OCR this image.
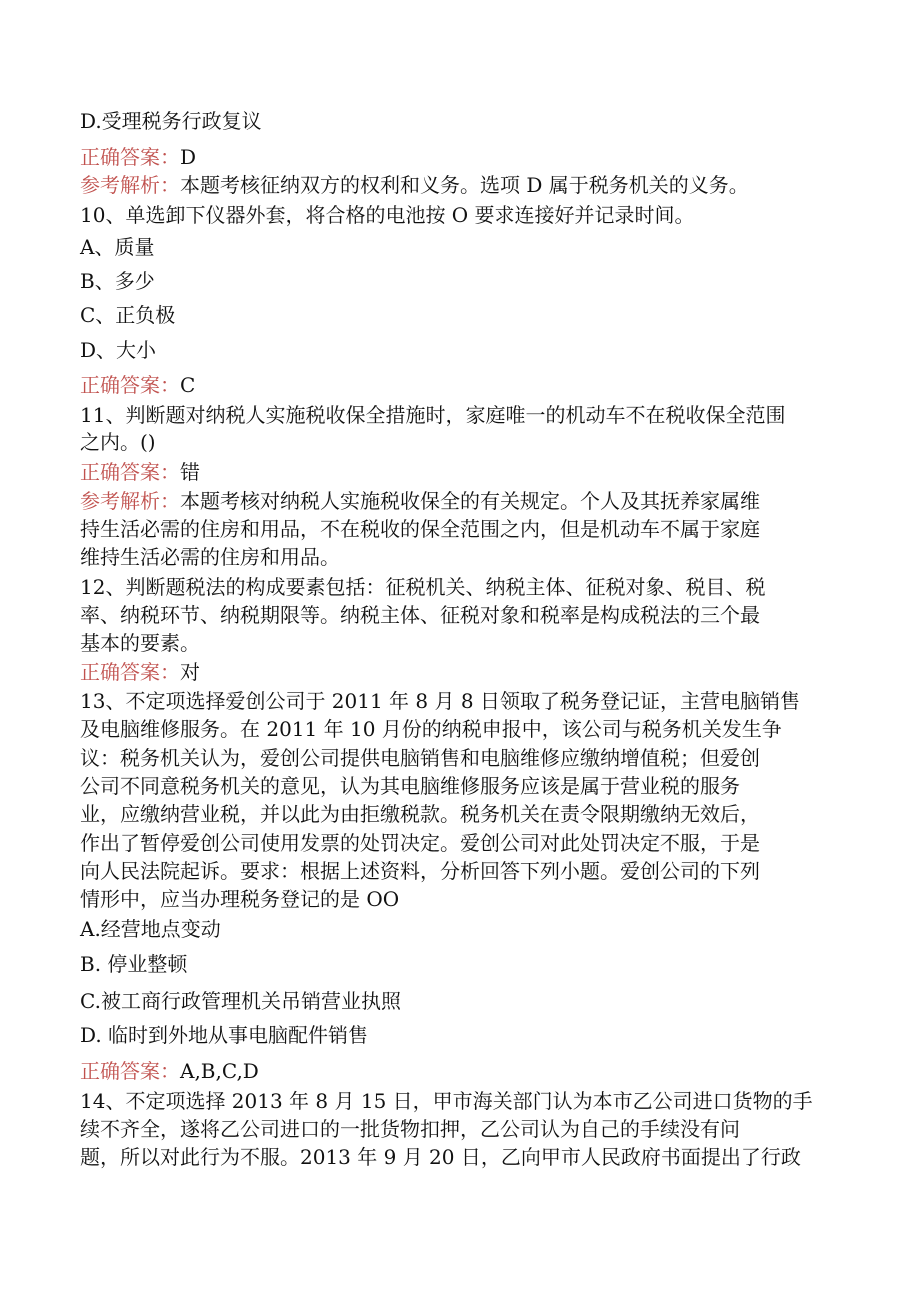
D.受理税务行政复议
正确答案：D
参考解析：本题考核征纳双方的权利和义务。选项 D 属于税务机关的义务。
10、单选卸下仪器外套，将合格的电池按 O 要求连接好并记录时间。
A、质量
B、多少
C、正负极
D、大小
正确答案：C
11、判断题对纳税人实施税收保全措施时，家庭唯一的机动车不在税收保全范围
之内。()
正确答案：错
参考解析：本题考核对纳税人实施税收保全的有关规定。个人及其抚养家属维
持生活必需的住房和用品，不在税收的保全范围之内，但是机动车不属于家庭
维持生活必需的住房和用品。
12、判断题税法的构成要素包括：征税机关、纳税主体、征税对象、税目、税
率、纳税环节、纳税期限等。纳税主体、征税对象和税率是构成税法的三个最
基本的要素。
正确答案：对
13、不定项选择爱创公司于 2011 年 8 月 8 日领取了税务登记证，主营电脑销售
及电脑维修服务。在 2011 年 10 月份的纳税申报中，该公司与税务机关发生争
议：税务机关认为，爱创公司提供电脑销售和电脑维修应缴纳增值税；但爱创
公司不同意税务机关的意见，认为其电脑维修服务应该是属于营业税的服务
业，应缴纳营业税，并以此为由拒缴税款。税务机关在责令限期缴纳无效后，
作出了暂停爱创公司使用发票的处罚决定。爱创公司对此处罚决定不服，于是
向人民法院起诉。要求：根据上述资料，分析回答下列小题。爱创公司的下列
情形中，应当办理税务登记的是 OO
A.经营地点变动
B. 停业整顿
C.被工商行政管理机关吊销营业执照
D. 临时到外地从事电脑配件销售
正确答案：A,B,C,D
14、不定项选择 2013 年 8 月 15 日，甲市海关部门认为本市乙公司进口货物的手
续不齐全，遂将乙公司进口的一批货物扣押，乙公司认为自己的手续没有问
题，所以对此行为不服。2013 年 9 月 20 日，乙向甲市人民政府书面提出了行政
